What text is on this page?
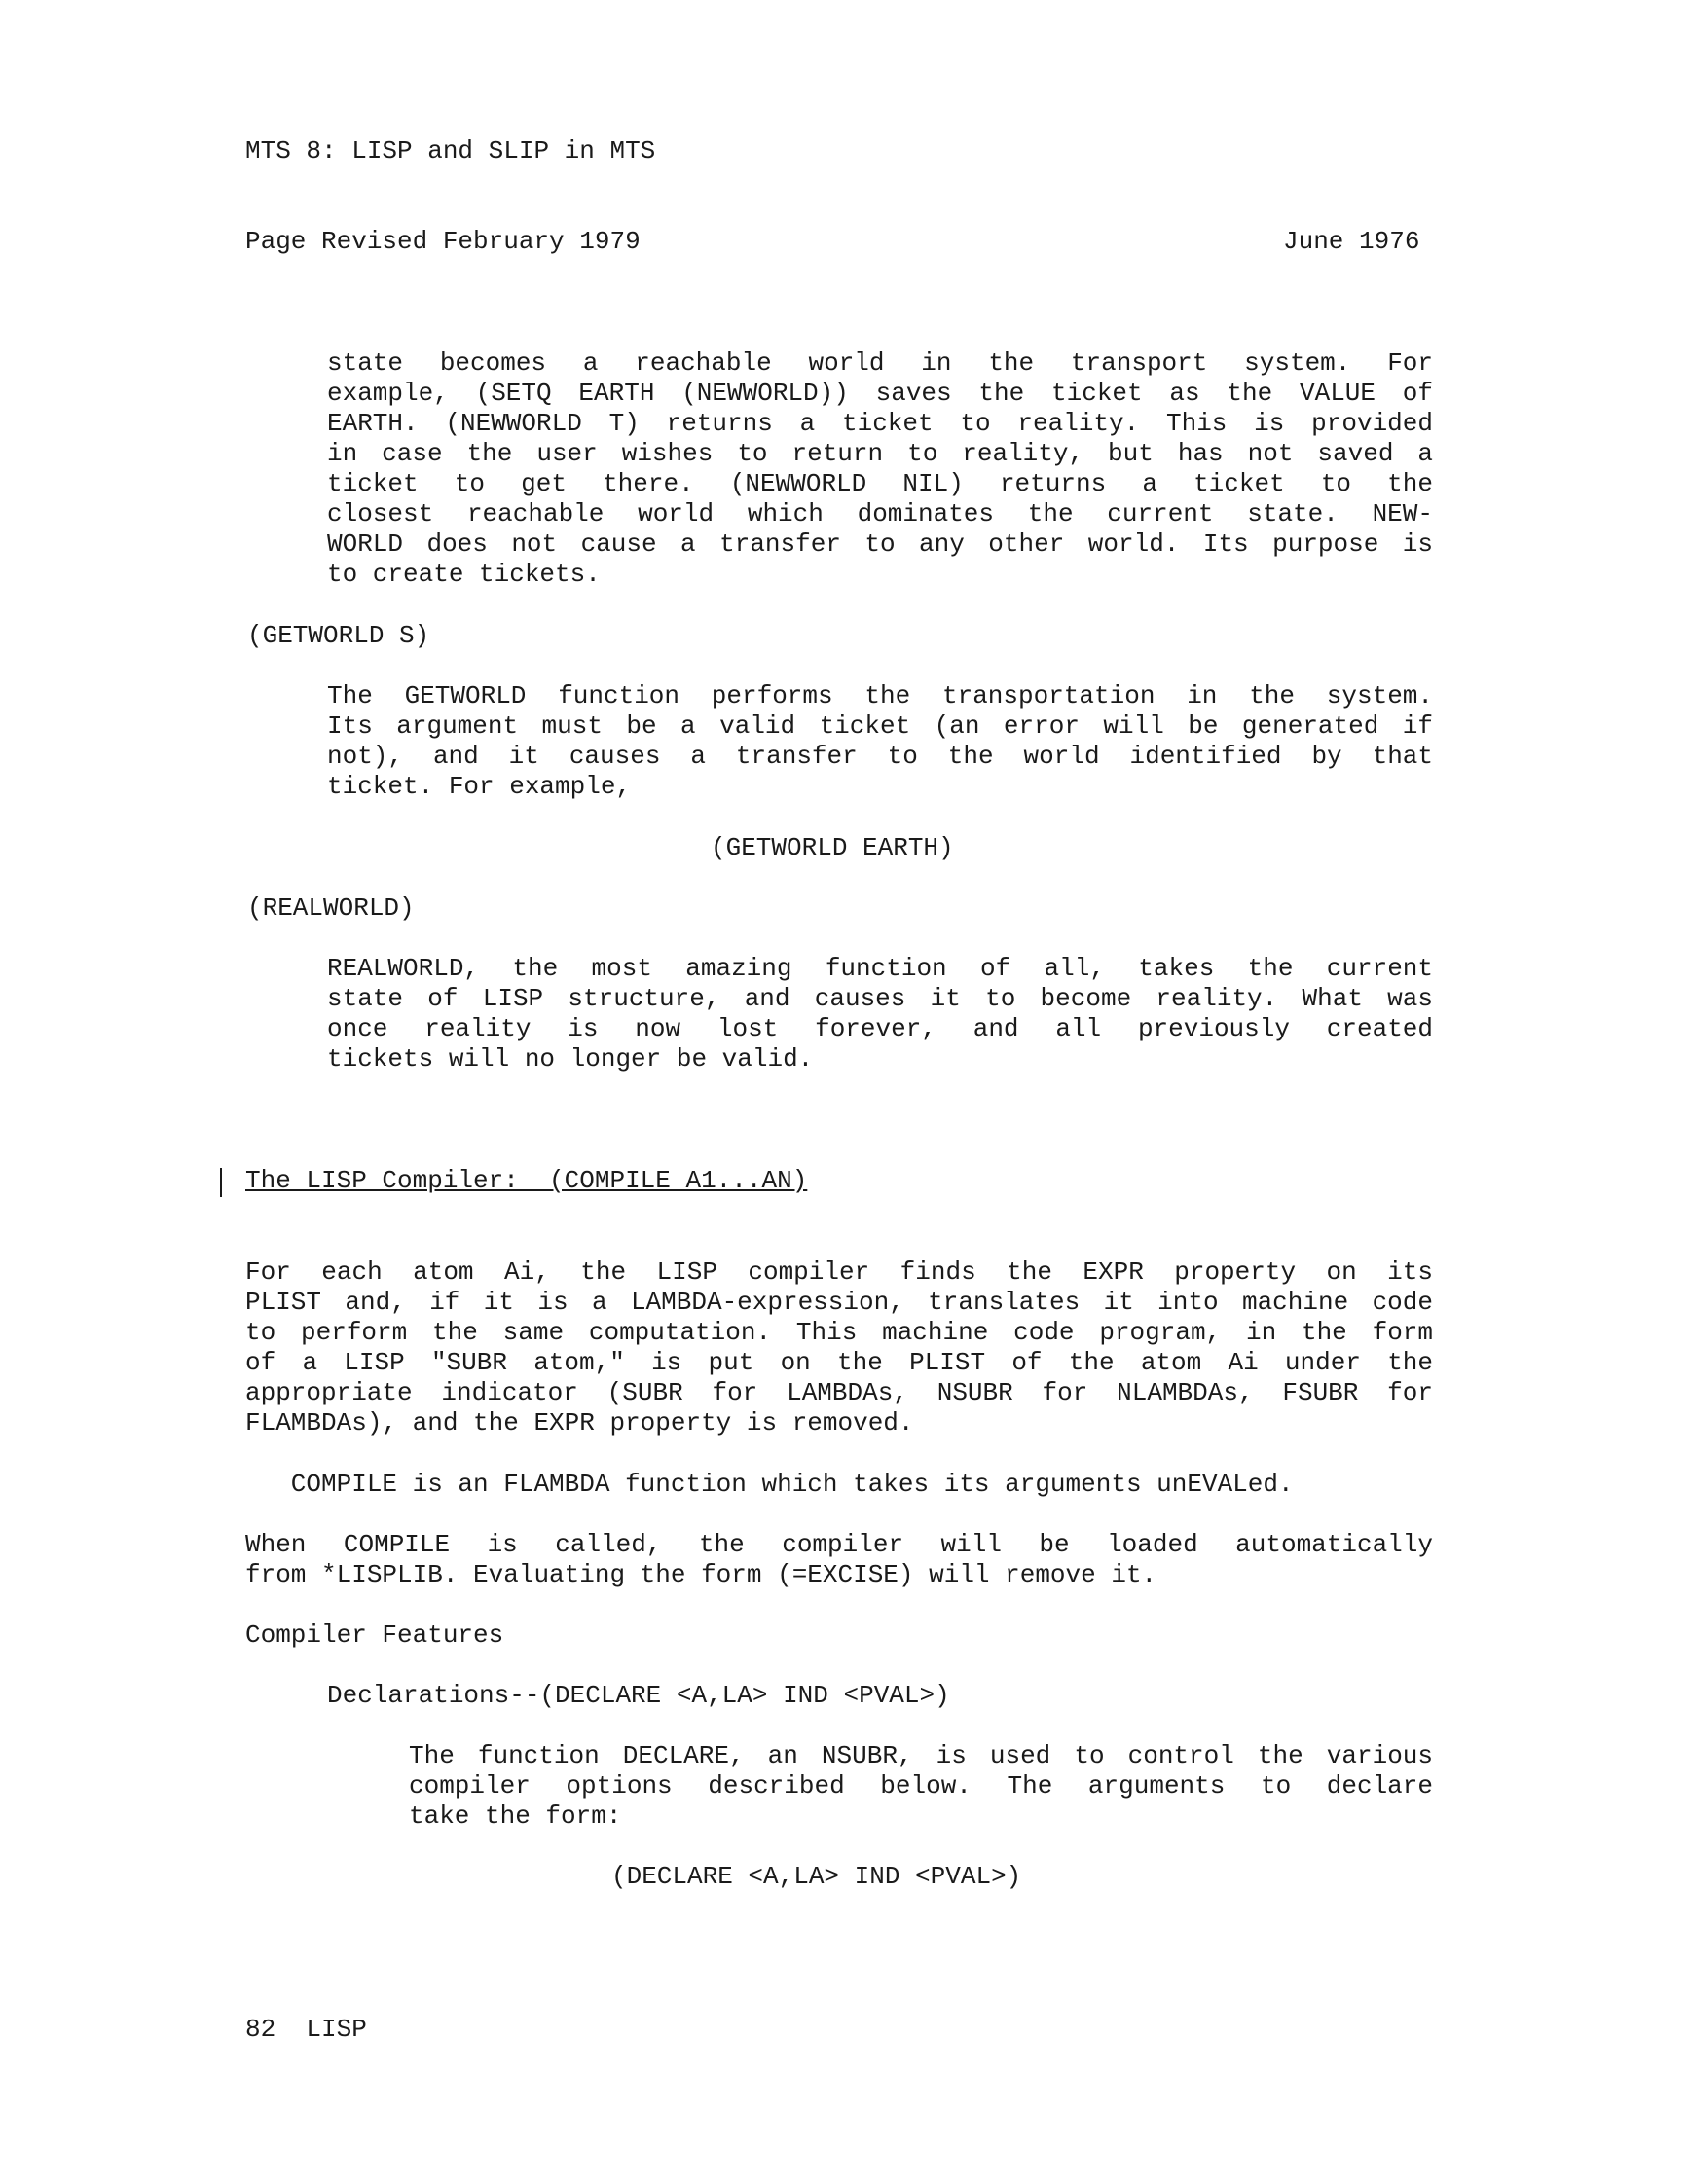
MTS 8: LISP and SLIP in MTS
Page Revised February 1979	June 1976
state becomes a reachable world in the transport system. For
example, (SETQ EARTH (NEWWORLD)) saves the ticket as the VALUE of
EARTH. (NEWWORLD T) returns a ticket to reality. This is provided
in case the user wishes to return to reality, but has not saved a
ticket to get there. (NEWWORLD NIL) returns a ticket to the
closest reachable world which dominates the current state. NEW-
WORLD does not cause a transfer to any other world. Its purpose is
to create tickets.
(GETWORLD S)
The GETWORLD function performs the transportation in the system.
Its argument must be a valid ticket (an error will be generated if
not), and it causes a transfer to the world identified by that
ticket. For example,
(GETWORLD EARTH)
(REALWORLD)
REALWORLD, the most amazing function of all, takes the current
state of LISP structure, and causes it to become reality. What was
once reality is now lost forever, and all previously created
tickets will no longer be valid.
The LISP Compiler:  (COMPILE A1...AN)
For each atom Ai, the LISP compiler finds the EXPR property on its
PLIST and, if it is a LAMBDA-expression, translates it into machine code
to perform the same computation. This machine code program, in the form
of a LISP "SUBR atom," is put on the PLIST of the atom Ai under the
appropriate indicator (SUBR for LAMBDAs, NSUBR for NLAMBDAs, FSUBR for
FLAMBDAs), and the EXPR property is removed.
COMPILE is an FLAMBDA function which takes its arguments unEVALed.
When COMPILE is called, the compiler will be loaded automatically
from *LISPLIB. Evaluating the form (=EXCISE) will remove it.
Compiler Features
Declarations--(DECLARE <A,LA> IND <PVAL>)
The function DECLARE, an NSUBR, is used to control the various
compiler options described below. The arguments to declare
take the form:
(DECLARE <A,LA> IND <PVAL>)
82  LISP
